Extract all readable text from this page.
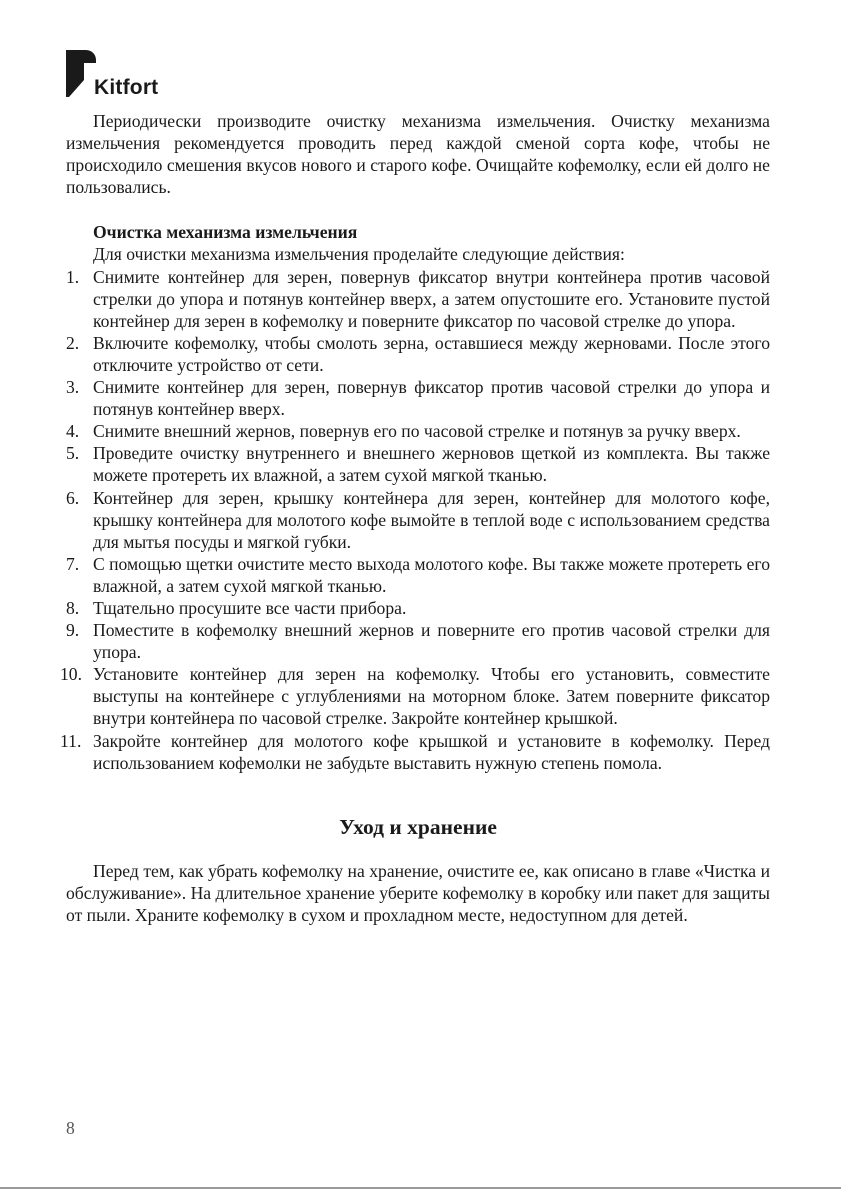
Kitfort

Периодически производите очистку механизма измельчения. Очистку механизма измельчения рекомендуется проводить перед каждой сменой сорта кофе, чтобы не происходило смешения вкусов нового и старого кофе. Очищайте кофемолку, если ей долго не пользовались.

Очистка механизма измельчения
Для очистки механизма измельчения проделайте следующие действия:
1. Снимите контейнер для зерен, повернув фиксатор внутри контейнера против часовой стрелки до упора и потянув контейнер вверх, а затем опустошите его. Установите пустой контейнер для зерен в кофемолку и поверните фиксатор по часовой стрелке до упора.
2. Включите кофемолку, чтобы смолоть зерна, оставшиеся между жерновами. После этого отключите устройство от сети.
3. Снимите контейнер для зерен, повернув фиксатор против часовой стрелки до упора и потянув контейнер вверх.
4. Снимите внешний жернов, повернув его по часовой стрелке и потянув за ручку вверх.
5. Проведите очистку внутреннего и внешнего жерновов щеткой из комплекта. Вы также можете протереть их влажной, а затем сухой мягкой тканью.
6. Контейнер для зерен, крышку контейнера для зерен, контейнер для молотого кофе, крышку контейнера для молотого кофе вымойте в теплой воде с использованием средства для мытья посуды и мягкой губки.
7. С помощью щетки очистите место выхода молотого кофе. Вы также можете протереть его влажной, а затем сухой мягкой тканью.
8. Тщательно просушите все части прибора.
9. Поместите в кофемолку внешний жернов и поверните его против часовой стрелки для упора.
10. Установите контейнер для зерен на кофемолку. Чтобы его установить, совместите выступы на контейнере с углублениями на моторном блоке. Затем поверните фиксатор внутри контейнера по часовой стрелке. Закройте контейнер крышкой.
11. Закройте контейнер для молотого кофе крышкой и установите в кофемолку. Перед использованием кофемолки не забудьте выставить нужную степень помола.
Уход и хранение

Перед тем, как убрать кофемолку на хранение, очистите ее, как описано в главе «Чистка и обслуживание». На длительное хранение уберите кофемолку в коробку или пакет для защиты от пыли. Храните кофемолку в сухом и прохладном месте, недоступном для детей.

8
